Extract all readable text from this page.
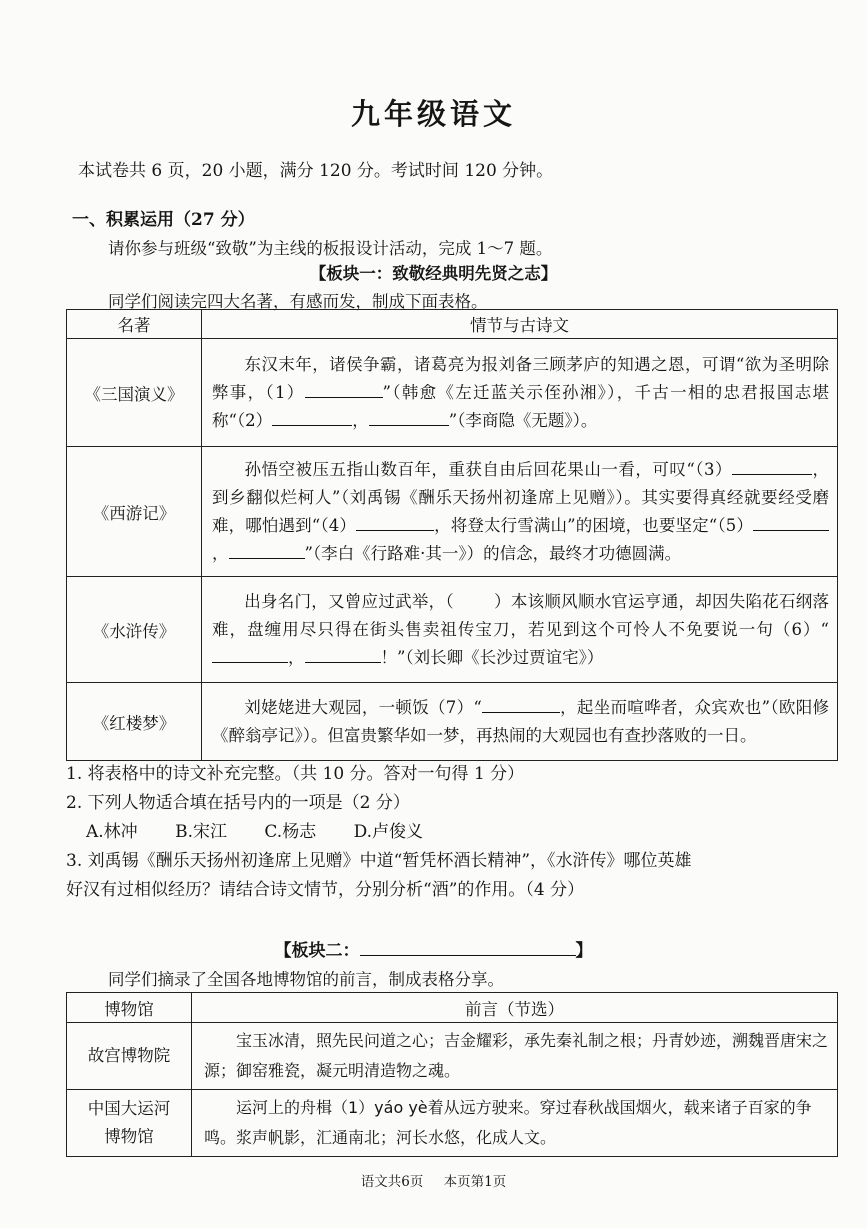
九年级语文
本试卷共 6 页，20 小题，满分 120 分。考试时间 120 分钟。
一、积累运用（27 分）
请你参与班级“致敬”为主线的板报设计活动，完成 1～7 题。
【板块一：致敬经典明先贤之志】
同学们阅读完四大名著，有感而发，制成下面表格。
名著	情节与古诗文
《三国演义》	东汉末年，诸侯争霸，诸葛亮为报刘备三顾茅庐的知遇之恩，可谓“欲为圣明除弊事，（1） ”（韩愈《左迁蓝关示侄孙湘》），千古一相的忠君报国志堪称“（2） ， ”（李商隐《无题》）。
《西游记》	孙悟空被压五指山数百年，重获自由后回花果山一看，可叹“（3） ，到乡翻似烂柯人”（刘禹锡《酬乐天扬州初逢席上见赠》）。其实要得真经就要经受磨难，哪怕遇到“（4） ，将登太行雪满山”的困境，也要坚定“（5）， ”（李白《行路难·其一》）的信念，最终才功德圆满。
《水浒传》	出身名门，又曾应过武举，（ ）本该顺风顺水官运亨通，却因失陷花石纲落难，盘缠用尽只得在街头售卖祖传宝刀，若见到这个可怜人不免要说一句（6）“， ！”（刘长卿《长沙过贾谊宅》）
《红楼梦》	刘姥姥进大观园，一顿饭（7）“ ，起坐而喧哗者，众宾欢也”（欧阳修《醉翁亭记》）。但富贵繁华如一梦，再热闹的大观园也有查抄落败的一日。
1. 将表格中的诗文补充完整。（共 10 分。答对一句得 1 分）
2. 下列人物适合填在括号内的一项是（2 分）
A.林冲 B.宋江 C.杨志 D.卢俊义
3. 刘禹锡《酬乐天扬州初逢席上见赠》中道“暂凭杯酒长精神”，《水浒传》哪位英雄
好汉有过相似经历？请结合诗文情节，分别分析“酒”的作用。（4 分）
【板块二：	】
同学们摘录了全国各地博物馆的前言，制成表格分享。
博物馆	前言（节选）
故宫博物院	宝玉冰清，照先民问道之心；吉金耀彩，承先秦礼制之根；丹青妙迹，溯魏晋唐宋之源；御窑雅瓷，凝元明清造物之魂。

中国大运河
博物馆	运河上的舟楫（1）yáo yè着从远方驶来。穿过春秋战国烟火，载来诸子百家的争鸣。浆声帆影，汇通南北；河长水悠，化成人文。
语文共6页 本页第1页
